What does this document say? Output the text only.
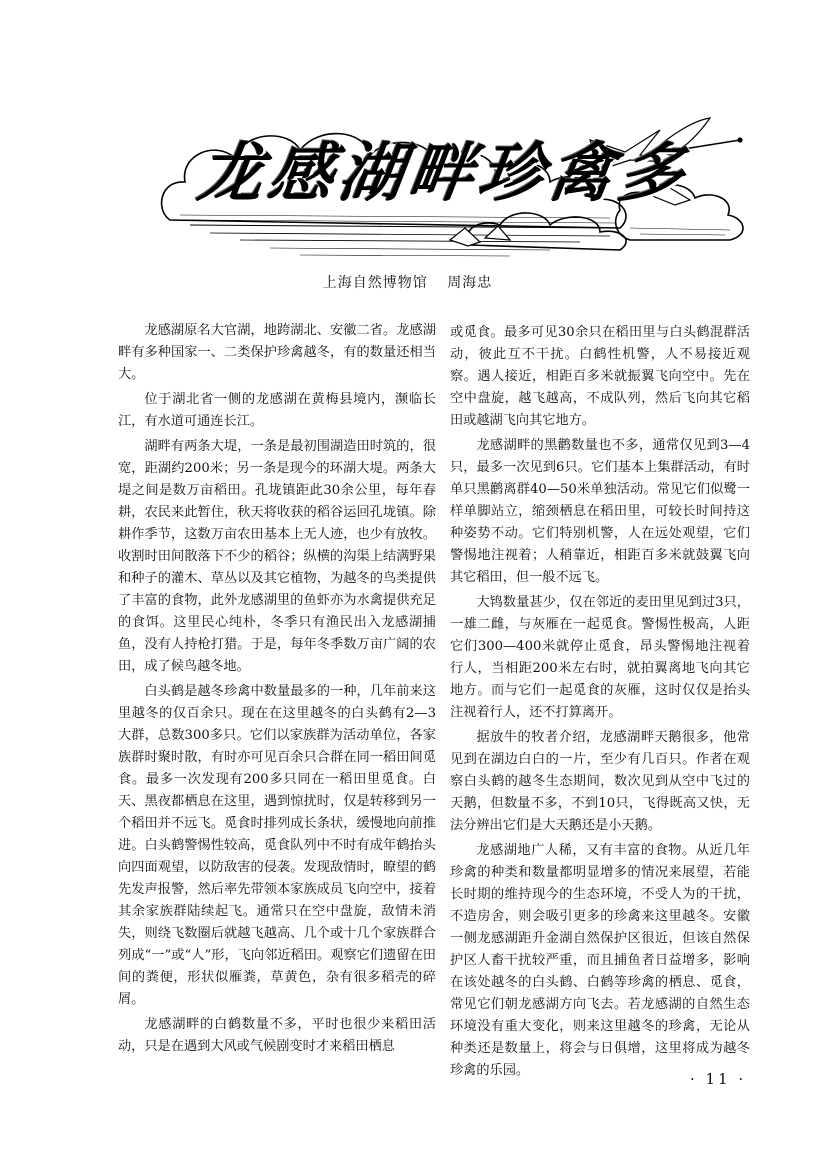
龙感湖畔珍禽多
上海自然博物馆 周海忠

龙感湖原名大官湖，地跨湖北、安徽二省。龙感湖畔有多种国家一、二类保护珍禽越冬，有的数量还相当大。

位于湖北省一侧的龙感湖在黄梅县境内，濒临长江，有水道可通连长江。

湖畔有两条大堤，一条是最初围湖造田时筑的，很宽，距湖约200米；另一条是现今的环湖大堤。两条大堤之间是数万亩稻田。孔垅镇距此30余公里，每年春耕，农民来此暂住，秋天将收获的稻谷运回孔垅镇。除耕作季节，这数万亩农田基本上无人迹，也少有放牧。收割时田间散落下不少的稻谷；纵横的沟渠上结满野果和种子的灌木、草丛以及其它植物，为越冬的鸟类提供了丰富的食物，此外龙感湖里的鱼虾亦为水禽提供充足的食饵。这里民心纯朴，冬季只有渔民出入龙感湖捕鱼，没有人持枪打猎。于是，每年冬季数万亩广阔的农田，成了候鸟越冬地。

白头鹤是越冬珍禽中数量最多的一种，几年前来这里越冬的仅百余只。现在在这里越冬的白头鹤有2—3大群，总数300多只。它们以家族群为活动单位，各家族群时聚时散，有时亦可见百余只合群在同一稻田间觅食。最多一次发现有200多只同在一稻田里觅食。白天、黑夜都栖息在这里，遇到惊扰时，仅是转移到另一个稻田并不远飞。觅食时排列成长条状，缓慢地向前推进。白头鹤警惕性较高，觅食队列中不时有成年鹤抬头向四面观望，以防敌害的侵袭。发现敌情时，瞭望的鹤先发声报警，然后率先带领本家族成员飞向空中，接着其余家族群陆续起飞。通常只在空中盘旋，敌情未消失，则绕飞数圈后就越飞越高、几个或十几个家族群合列成“一”或“人”形，飞向邻近稻田。观察它们遗留在田间的粪便，形状似雁粪，草黄色，杂有很多稻壳的碎屑。

龙感湖畔的白鹤数量不多，平时也很少来稻田活动，只是在遇到大风或气候剧变时才来稻田栖息

或觅食。最多可见30余只在稻田里与白头鹤混群活动，彼此互不干扰。白鹤性机警，人不易接近观察。遇人接近，相距百多米就振翼飞向空中。先在空中盘旋，越飞越高，不成队列，然后飞向其它稻田或越湖飞向其它地方。

龙感湖畔的黑鹳数量也不多，通常仅见到3—4只，最多一次见到6只。它们基本上集群活动，有时单只黑鹳离群40—50米单独活动。常见它们似鹭一样单脚站立，缩颈栖息在稻田里，可较长时间持这种姿势不动。它们特别机警，人在远处观望，它们警惕地注视着；人稍靠近，相距百多米就鼓翼飞向其它稻田，但一般不远飞。

大鸨数量甚少，仅在邻近的麦田里见到过3只，一雄二雌，与灰雁在一起觅食。警惕性极高，人距它们300—400米就停止觅食，昂头警惕地注视着行人，当相距200米左右时，就拍翼离地飞向其它地方。而与它们一起觅食的灰雁，这时仅仅是抬头注视着行人，还不打算离开。

据放牛的牧者介绍，龙感湖畔天鹅很多，他常见到在湖边白白的一片，至少有几百只。作者在观察白头鹤的越冬生态期间，数次见到从空中飞过的天鹅，但数量不多，不到10只，飞得既高又快，无法分辨出它们是大天鹅还是小天鹅。

龙感湖地广人稀，又有丰富的食物。从近几年珍禽的种类和数量都明显增多的情况来展望，若能长时期的维持现今的生态环境，不受人为的干扰，不造房舍，则会吸引更多的珍禽来这里越冬。安徽一侧龙感湖距升金湖自然保护区很近，但该自然保护区人畜干扰较严重，而且捕鱼者日益增多，影响在该处越冬的白头鹤、白鹤等珍禽的栖息、觅食，常见它们朝龙感湖方向飞去。若龙感湖的自然生态环境没有重大变化，则来这里越冬的珍禽，无论从种类还是数量上，将会与日俱增，这里将成为越冬珍禽的乐园。	· 11 ·
